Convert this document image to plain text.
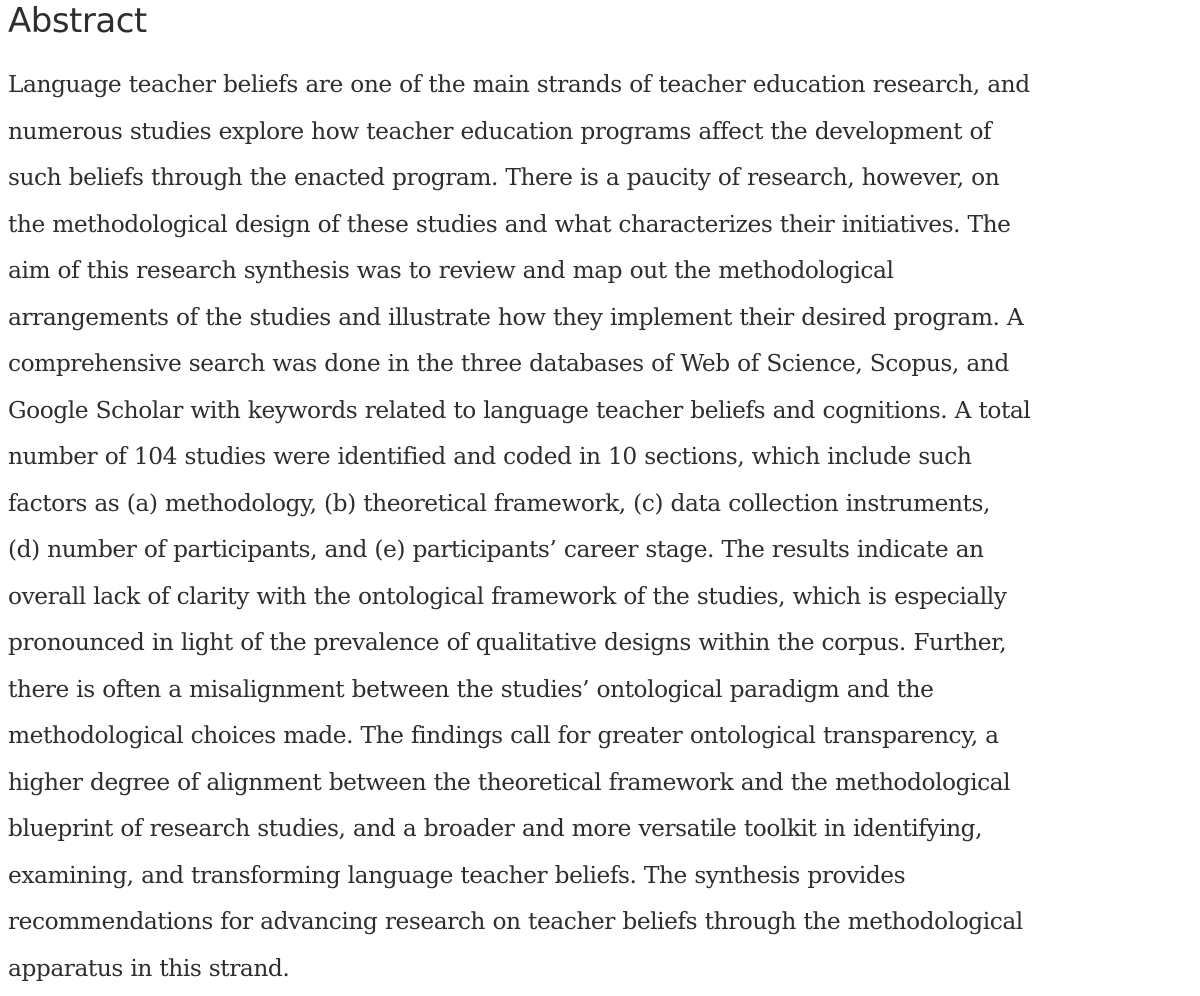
Abstract
Language teacher beliefs are one of the main strands of teacher education research, and
numerous studies explore how teacher education programs affect the development of
such beliefs through the enacted program. There is a paucity of research, however, on
the methodological design of these studies and what characterizes their initiatives. The
aim of this research synthesis was to review and map out the methodological
arrangements of the studies and illustrate how they implement their desired program. A
comprehensive search was done in the three databases of Web of Science, Scopus, and
Google Scholar with keywords related to language teacher beliefs and cognitions. A total
number of 104 studies were identified and coded in 10 sections, which include such
factors as (a) methodology, (b) theoretical framework, (c) data collection instruments,
(d) number of participants, and (e) participants’ career stage. The results indicate an
overall lack of clarity with the ontological framework of the studies, which is especially
pronounced in light of the prevalence of qualitative designs within the corpus. Further,
there is often a misalignment between the studies’ ontological paradigm and the
methodological choices made. The findings call for greater ontological transparency, a
higher degree of alignment between the theoretical framework and the methodological
blueprint of research studies, and a broader and more versatile toolkit in identifying,
examining, and transforming language teacher beliefs. The synthesis provides
recommendations for advancing research on teacher beliefs through the methodological
apparatus in this strand.
